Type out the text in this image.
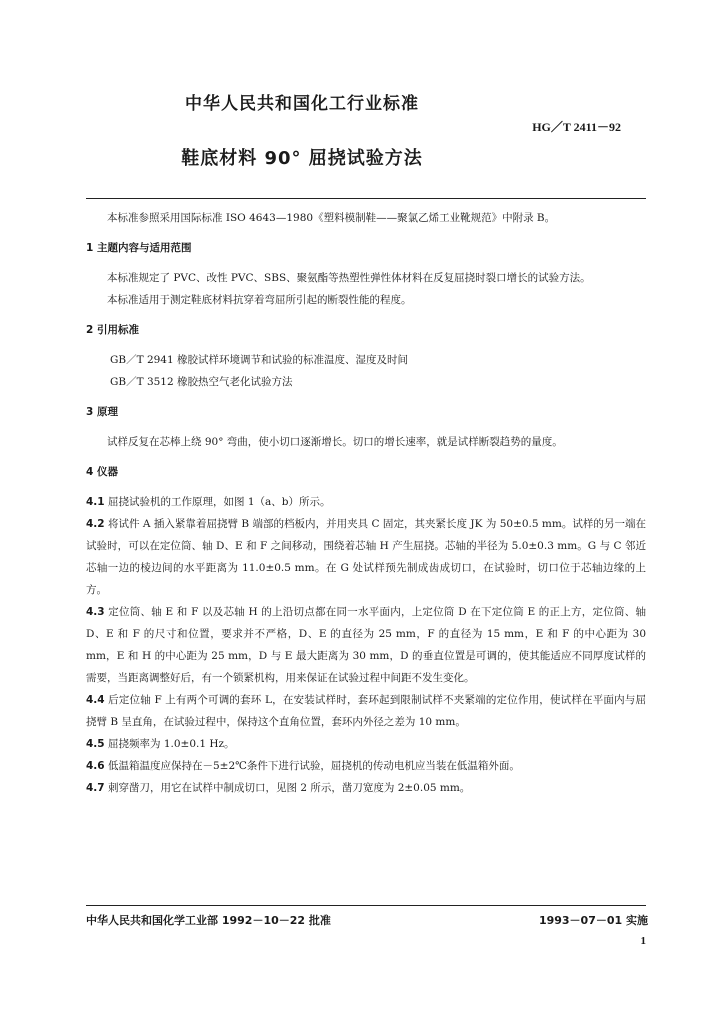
中华人民共和国化工行业标准
HG／T 2411－92
鞋底材料 90° 屈挠试验方法

本标准参照采用国际标准 ISO 4643—1980《塑料模制鞋——聚氯乙烯工业靴规范》中附录 B。

1 主题内容与适用范围

本标准规定了 PVC、改性 PVC、SBS、聚氨酯等热塑性弹性体材料在反复屈挠时裂口增长的试验方法。

本标准适用于测定鞋底材料抗穿着弯屈所引起的断裂性能的程度。

2 引用标准

GB／T 2941 橡胶试样环境调节和试验的标准温度、湿度及时间

GB／T 3512 橡胶热空气老化试验方法

3 原理

试样反复在芯棒上绕 90° 弯曲，使小切口逐渐增长。切口的增长速率，就是试样断裂趋势的量度。

4 仪器

4.1 屈挠试验机的工作原理，如图 1（a、b）所示。

4.2 将试件 A 插入紧靠着屈挠臂 B 端部的档板内，并用夹具 C 固定，其夹紧长度 JK 为 50±0.5 mm。试样的另一端在试验时，可以在定位筒、轴 D、E 和 F 之间移动，围绕着芯轴 H 产生屈挠。芯轴的半径为 5.0±0.3 mm。G 与 C 邻近芯轴一边的棱边间的水平距离为 11.0±0.5 mm。在 G 处试样预先制成齿成切口，在试验时，切口位于芯轴边缘的上方。

4.3 定位筒、轴 E 和 F 以及芯轴 H 的上沿切点都在同一水平面内，上定位筒 D 在下定位筒 E 的正上方，定位筒、轴 D、E 和 F 的尺寸和位置，要求并不严格，D、E 的直径为 25 mm，F 的直径为 15 mm，E 和 F 的中心距为 30 mm，E 和 H 的中心距为 25 mm，D 与 E 最大距离为 30 mm，D 的垂直位置是可调的，使其能适应不同厚度试样的需要，当距离调整好后，有一个锁紧机构，用来保证在试验过程中间距不发生变化。

4.4 后定位轴 F 上有两个可调的套环 L，在安装试样时，套环起到限制试样不夹紧端的定位作用，使试样在平面内与屈挠臂 B 呈直角，在试验过程中，保持这个直角位置，套环内外径之差为 10 mm。

4.5 屈挠频率为 1.0±0.1 Hz。

4.6 低温箱温度应保持在－5±2℃条件下进行试验，屈挠机的传动电机应当装在低温箱外面。

4.7 刺穿凿刀，用它在试样中制成切口，见图 2 所示，凿刀宽度为 2±0.05 mm。

中华人民共和国化学工业部 1992－10－22 批准	1993－07－01 实施
1
